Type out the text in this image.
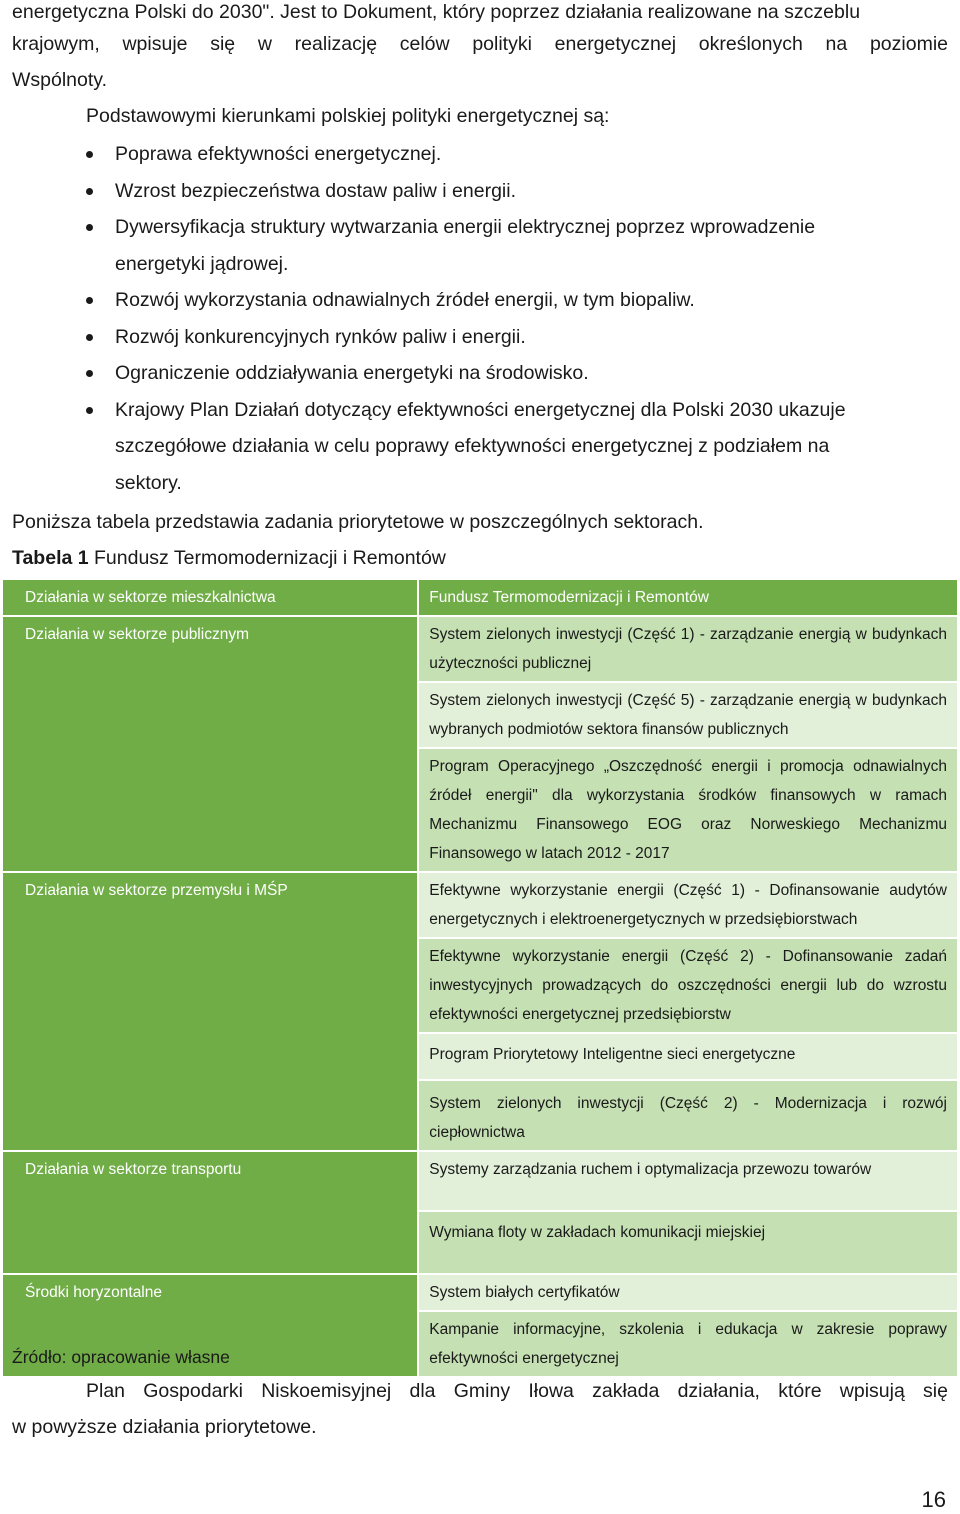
energetyczna Polski do 2030". Jest to Dokument, który poprzez działania realizowane na szczeblu

krajowym, wpisuje się w realizację celów polityki energetycznej określonych na poziomie

Wspólnoty.

Podstawowymi kierunkami polskiej polityki energetycznej są:

Poprawa efektywności energetycznej.
Wzrost bezpieczeństwa dostaw paliw i energii.
Dywersyfikacja struktury wytwarzania energii elektrycznej poprzez wprowadzenie energetyki jądrowej.
Rozwój wykorzystania odnawialnych źródeł energii, w tym biopaliw.
Rozwój konkurencyjnych rynków paliw i energii.
Ograniczenie oddziaływania energetyki na środowisko.
Krajowy Plan Działań dotyczący efektywności energetycznej dla Polski 2030 ukazuje szczegółowe działania w celu poprawy efektywności energetycznej z podziałem na sektory.

Poniższa tabela przedstawia zadania priorytetowe w poszczególnych sektorach.

Tabela 1 Fundusz Termomodernizacji i Remontów

Działania w sektorze mieszkalnictwa	Fundusz Termomodernizacji i Remontów
Działania w sektorze publicznym	System zielonych inwestycji (Część 1) - zarządzanie energią w budynkach użyteczności publicznej
	System zielonych inwestycji (Część 5) - zarządzanie energią w budynkach wybranych podmiotów sektora finansów publicznych
	Program Operacyjnego „Oszczędność energii i promocja odnawialnych źródeł energii" dla wykorzystania środków finansowych w ramach Mechanizmu Finansowego EOG oraz Norweskiego Mechanizmu Finansowego w latach 2012 - 2017
Działania w sektorze przemysłu i MŚP	Efektywne wykorzystanie energii (Część 1) - Dofinansowanie audytów energetycznych i elektroenergetycznych w przedsiębiorstwach
	Efektywne wykorzystanie energii (Część 2) - Dofinansowanie zadań inwestycyjnych prowadzących do oszczędności energii lub do wzrostu efektywności energetycznej przedsiębiorstw
	Program Priorytetowy Inteligentne sieci energetyczne
	System zielonych inwestycji (Część 2) - Modernizacja i rozwój ciepłownictwa
Działania w sektorze transportu	Systemy zarządzania ruchem i optymalizacja przewozu towarów
	Wymiana floty w zakładach komunikacji miejskiej
Środki horyzontalne	System białych certyfikatów
	Kampanie informacyjne, szkolenia i edukacja w zakresie poprawy efektywności energetycznej

Źródło: opracowanie własne

Plan Gospodarki Niskoemisyjnej dla Gminy Iłowa zakłada działania, które wpisują się
w powyższe działania priorytetowe.

16
